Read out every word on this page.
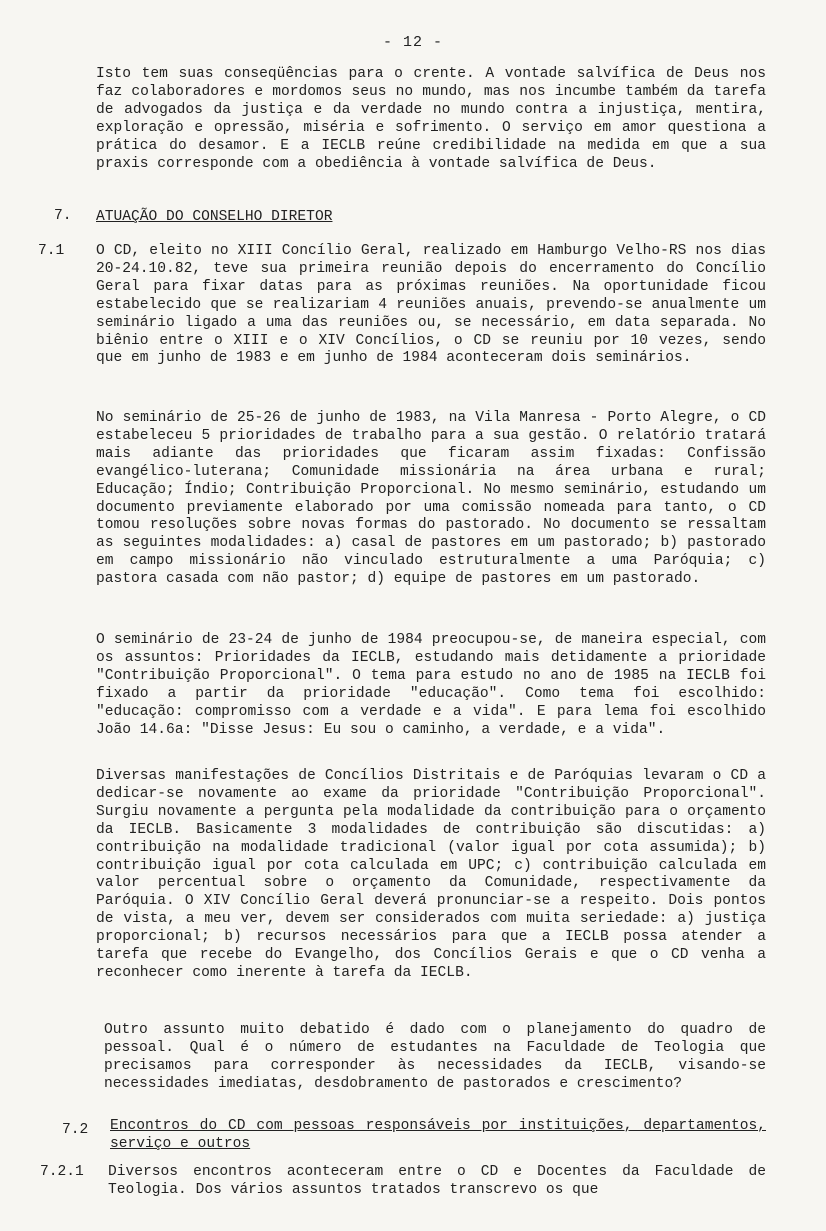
- 12 -
Isto tem suas conseqüências para o crente. A vontade salvífica de Deus nos faz colaboradores e mordomos seus no mundo, mas nos incumbe também da tarefa de advogados da justiça e da verdade no mundo contra a injustiça, mentira, exploração e opressão, miséria e sofrimento. O serviço em amor questiona a prática do desamor. E a IECLB reúne credibilidade na medida em que a sua praxis corresponde com a obediência à vontade salvífica de Deus.
7. ATUAÇÃO DO CONSELHO DIRETOR
7.1 O CD, eleito no XIII Concílio Geral, realizado em Hamburgo Velho-RS nos dias 20-24.10.82, teve sua primeira reunião depois do encerramento do Concílio Geral para fixar datas para as próximas reuniões. Na oportunidade ficou estabelecido que se realizariam 4 reuniões anuais, prevendo-se anualmente um seminário ligado a uma das reuniões ou, se necessário, em data separada. No biênio entre o XIII e o XIV Concílios, o CD se reuniu por 10 vezes, sendo que em junho de 1983 e em junho de 1984 aconteceram dois seminários.
No seminário de 25-26 de junho de 1983, na Vila Manresa - Porto Alegre, o CD estabeleceu 5 prioridades de trabalho para a sua gestão. O relatório tratará mais adiante das prioridades que ficaram assim fixadas: Confissão evangélico-luterana; Comunidade missionária na área urbana e rural; Educação; Índio; Contribuição Proporcional. No mesmo seminário, estudando um documento previamente elaborado por uma comissão nomeada para tanto, o CD tomou resoluções sobre novas formas do pastorado. No documento se ressaltam as seguintes modalidades: a) casal de pastores em um pastorado; b) pastorado em campo missionário não vinculado estruturalmente a uma Paróquia; c) pastora casada com não pastor; d) equipe de pastores em um pastorado.
O seminário de 23-24 de junho de 1984 preocupou-se, de maneira especial, com os assuntos: Prioridades da IECLB, estudando mais detidamente a prioridade "Contribuição Proporcional". O tema para estudo no ano de 1985 na IECLB foi fixado a partir da prioridade "educação". Como tema foi escolhido: "educação: compromisso com a verdade e a vida". E para lema foi escolhido João 14.6a: "Disse Jesus: Eu sou o caminho, a verdade, e a vida".
Diversas manifestações de Concílios Distritais e de Paróquias levaram o CD a dedicar-se novamente ao exame da prioridade "Contribuição Proporcional". Surgiu novamente a pergunta pela modalidade da contribuição para o orçamento da IECLB. Basicamente 3 modalidades de contribuição são discutidas: a) contribuição na modalidade tradicional (valor igual por cota assumida); b) contribuição igual por cota calculada em UPC; c) contribuição calculada em valor percentual sobre o orçamento da Comunidade, respectivamente da Paróquia. O XIV Concílio Geral deverá pronunciar-se a respeito. Dois pontos de vista, a meu ver, devem ser considerados com muita seriedade: a) justiça proporcional; b) recursos necessários para que a IECLB possa atender a tarefa que recebe do Evangelho, dos Concílios Gerais e que o CD venha a reconhecer como inerente à tarefa da IECLB.
Outro assunto muito debatido é dado com o planejamento do quadro de pessoal. Qual é o número de estudantes na Faculdade de Teologia que precisamos para corresponder às necessidades da IECLB, visando-se necessidades imediatas, desdobramento de pastorados e crescimento?
7.2 Encontros do CD com pessoas responsáveis por instituições, departamentos, serviço e outros
7.2.1 Diversos encontros aconteceram entre o CD e Docentes da Faculdade de Teologia. Dos vários assuntos tratados transcrevo os que
